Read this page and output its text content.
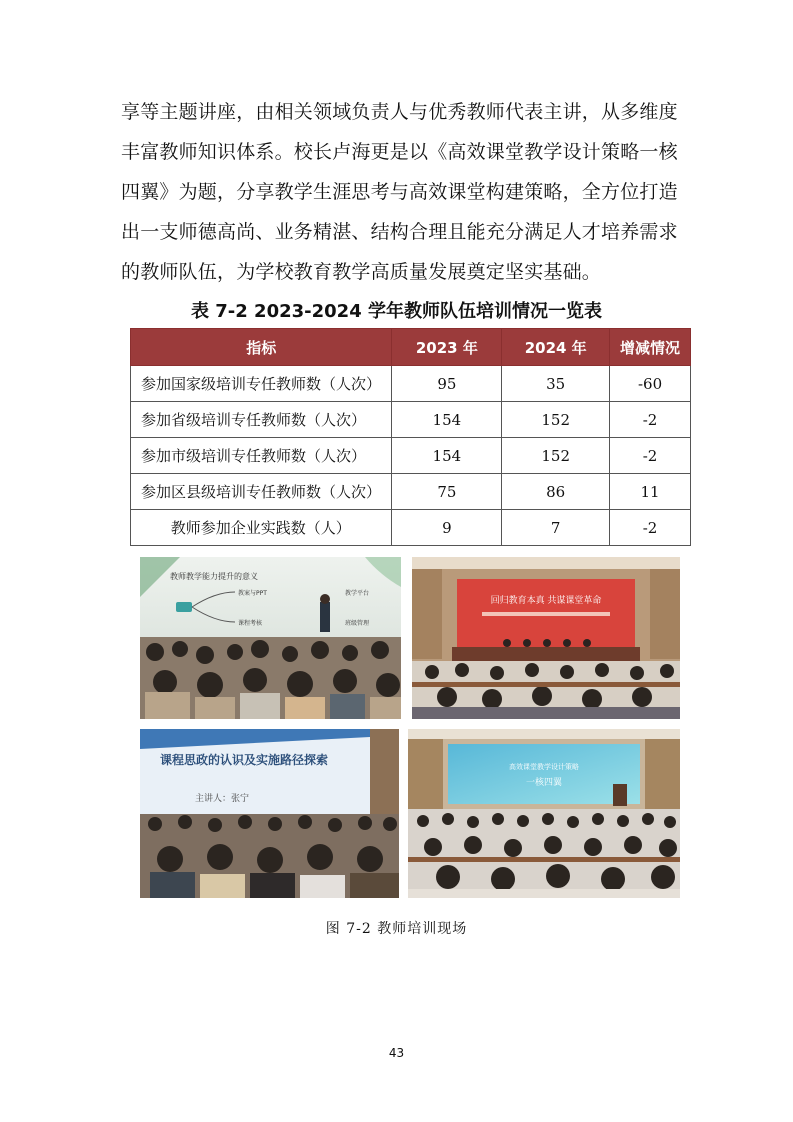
享等主题讲座，由相关领域负责人与优秀教师代表主讲，从多维度
丰富教师知识体系。校长卢海更是以《高效课堂教学设计策略一核
四翼》为题，分享教学生涯思考与高效课堂构建策略，全方位打造
出一支师德高尚、业务精湛、结构合理且能充分满足人才培养需求
的教师队伍，为学校教育教学高质量发展奠定坚实基础。
表 7-2 2023-2024 学年教师队伍培训情况一览表
指标	2023 年	2024 年	增减情况
参加国家级培训专任教师数（人次）	95	35	-60
参加省级培训专任教师数（人次）	154	152	-2
参加市级培训专任教师数（人次）	154	152	-2
参加区县级培训专任教师数（人次）	75	86	11
教师参加企业实践数（人）	9	7	-2
教师教学能力提升的意义
教案与PPT
课程考核
教学平台
班级管理
回归教育本真 共谋课堂革命
课程思政的认识及实施路径探索
主讲人：张宁
高效课堂教学设计策略
一核四翼
图 7-2 教师培训现场
43
